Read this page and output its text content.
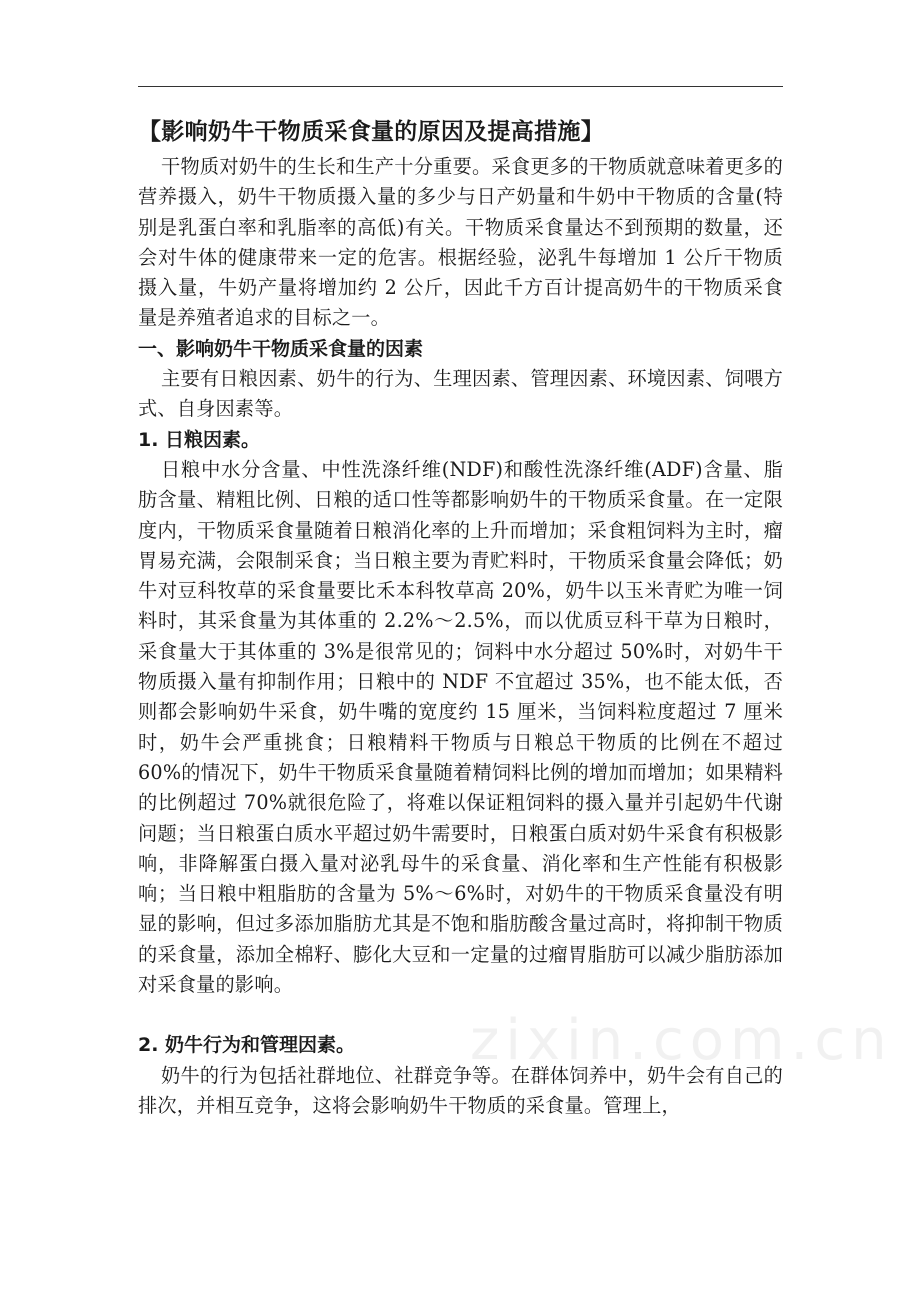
【影响奶牛干物质采食量的原因及提高措施】

干物质对奶牛的生长和生产十分重要。采食更多的干物质就意味着更多的营养摄入，奶牛干物质摄入量的多少与日产奶量和牛奶中干物质的含量(特别是乳蛋白率和乳脂率的高低)有关。干物质采食量达不到预期的数量，还会对牛体的健康带来一定的危害。根据经验，泌乳牛每增加 1 公斤干物质摄入量，牛奶产量将增加约 2 公斤，因此千方百计提高奶牛的干物质采食量是养殖者追求的目标之一。

一、影响奶牛干物质采食量的因素

主要有日粮因素、奶牛的行为、生理因素、管理因素、环境因素、饲喂方式、自身因素等。

1. 日粮因素。

日粮中水分含量、中性洗涤纤维(NDF)和酸性洗涤纤维(ADF)含量、脂肪含量、精粗比例、日粮的适口性等都影响奶牛的干物质采食量。在一定限度内，干物质采食量随着日粮消化率的上升而增加；采食粗饲料为主时，瘤胃易充满，会限制采食；当日粮主要为青贮料时，干物质采食量会降低；奶牛对豆科牧草的采食量要比禾本科牧草高 20%，奶牛以玉米青贮为唯一饲料时，其采食量为其体重的 2.2%～2.5%，而以优质豆科干草为日粮时，采食量大于其体重的 3%是很常见的；饲料中水分超过 50%时，对奶牛干物质摄入量有抑制作用；日粮中的 NDF 不宜超过 35%，也不能太低，否则都会影响奶牛采食，奶牛嘴的宽度约 15 厘米，当饲料粒度超过 7 厘米时，奶牛会严重挑食；日粮精料干物质与日粮总干物质的比例在不超过 60%的情况下，奶牛干物质采食量随着精饲料比例的增加而增加；如果精料的比例超过 70%就很危险了，将难以保证粗饲料的摄入量并引起奶牛代谢问题；当日粮蛋白质水平超过奶牛需要时，日粮蛋白质对奶牛采食有积极影响，非降解蛋白摄入量对泌乳母牛的采食量、消化率和生产性能有积极影响；当日粮中粗脂肪的含量为 5%～6%时，对奶牛的干物质采食量没有明显的影响，但过多添加脂肪尤其是不饱和脂肪酸含量过高时，将抑制干物质的采食量，添加全棉籽、膨化大豆和一定量的过瘤胃脂肪可以减少脂肪添加对采食量的影响。

2. 奶牛行为和管理因素。

奶牛的行为包括社群地位、社群竞争等。在群体饲养中，奶牛会有自己的排次，并相互竞争，这将会影响奶牛干物质的采食量。管理上，

zixin.com.cn
